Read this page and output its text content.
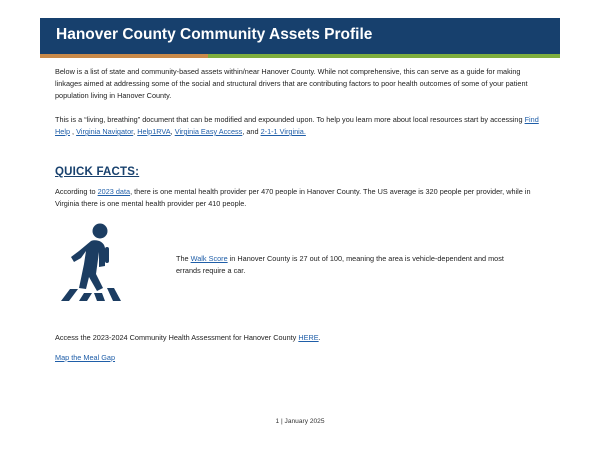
Hanover County Community Assets Profile

Below is a list of state and community-based assets within/near Hanover County. While not comprehensive, this can serve as a guide for making linkages aimed at addressing some of the social and structural drivers that are contributing factors to poor health outcomes of some of your patient population living in Hanover County.

This is a “living, breathing” document that can be modified and expounded upon. To help you learn more about local resources start by accessing Find Help , Virginia Navigator, Help1RVA, Virginia Easy Access, and 2-1-1 Virginia.

QUICK FACTS:

According to 2023 data, there is one mental health provider per 470 people in Hanover County. The US average is 320 people per provider, while in Virginia there is one mental health provider per 410 people.

The Walk Score in Hanover County is 27 out of 100, meaning the area is vehicle-dependent and most errands require a car.

Access the 2023-2024 Community Health Assessment for Hanover County HERE.

Map the Meal Gap

1 | January 2025
